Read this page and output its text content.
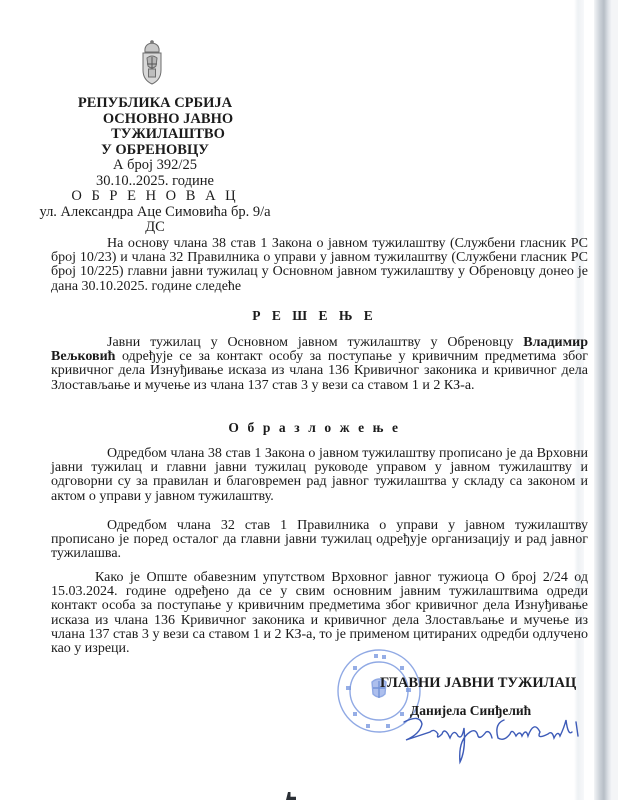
РЕПУБЛИКА СРБИЈА
ОСНОВНО ЈАВНО ТУЖИЛАШТВО
У ОБРЕНОВЦУ
А број 392/25
30.10..2025. године
О Б Р Е Н О В А Ц
ул. Александра Аце Симовића бр. 9/а
ДС
На основу члана 38 став 1 Закона о јавном тужилаштву (Службени гласник РС број 10/23) и члана 32 Правилника о управи у јавном тужилаштву (Службени гласник РС број 10/225) главни јавни тужилац у Основном јавном тужилаштву у Обреновцу донео је дана 30.10.2025. године следеће
Р Е Ш Е Њ Е
Јавни тужилац у Основном јавном тужилаштву у Обреновцу Владимир Вељковић одређује се за контакт особу за поступање у кривичним предметима због кривичног дела Изнуђивање исказа из члана 136 Кривичног законика и кривичног дела Злостављање и мучење из члана 137 став 3 у вези са ставом 1 и 2 КЗ-а.
О б р а з л о ж е њ е
Одредбом члана 38 став 1 Закона о јавном тужилаштву прописано је да Врховни јавни тужилац и главни јавни тужилац руководе управом у јавном тужилаштву и одговорни су за правилан и благовремен рад јавног тужилаштва у складу са законом и актом о управи у јавном тужилаштву.
Одредбом члана 32 став 1 Правилника о управи у јавном тужилаштву прописано је поред осталог да главни јавни тужилац одређује организацију и рад јавног тужилашва.
Како је Опште обавезним упутством Врховног јавног тужиоца О број 2/24 од 15.03.2024. године одређено да се у свим основним јавним тужилаштвима одреди контакт особа за поступање у кривичним предметима због кривичног дела Изнуђивање исказа из члана 136 Кривичног законика и кривичног дела Злостављање и мучење из члана 137 став 3 у вези са ставом 1 и 2 КЗ-а, то је применом цитираних одредби одлучено као у изреци.
ГЛАВНИ ЈАВНИ ТУЖИЛАЦ
Данијела Синђелић
